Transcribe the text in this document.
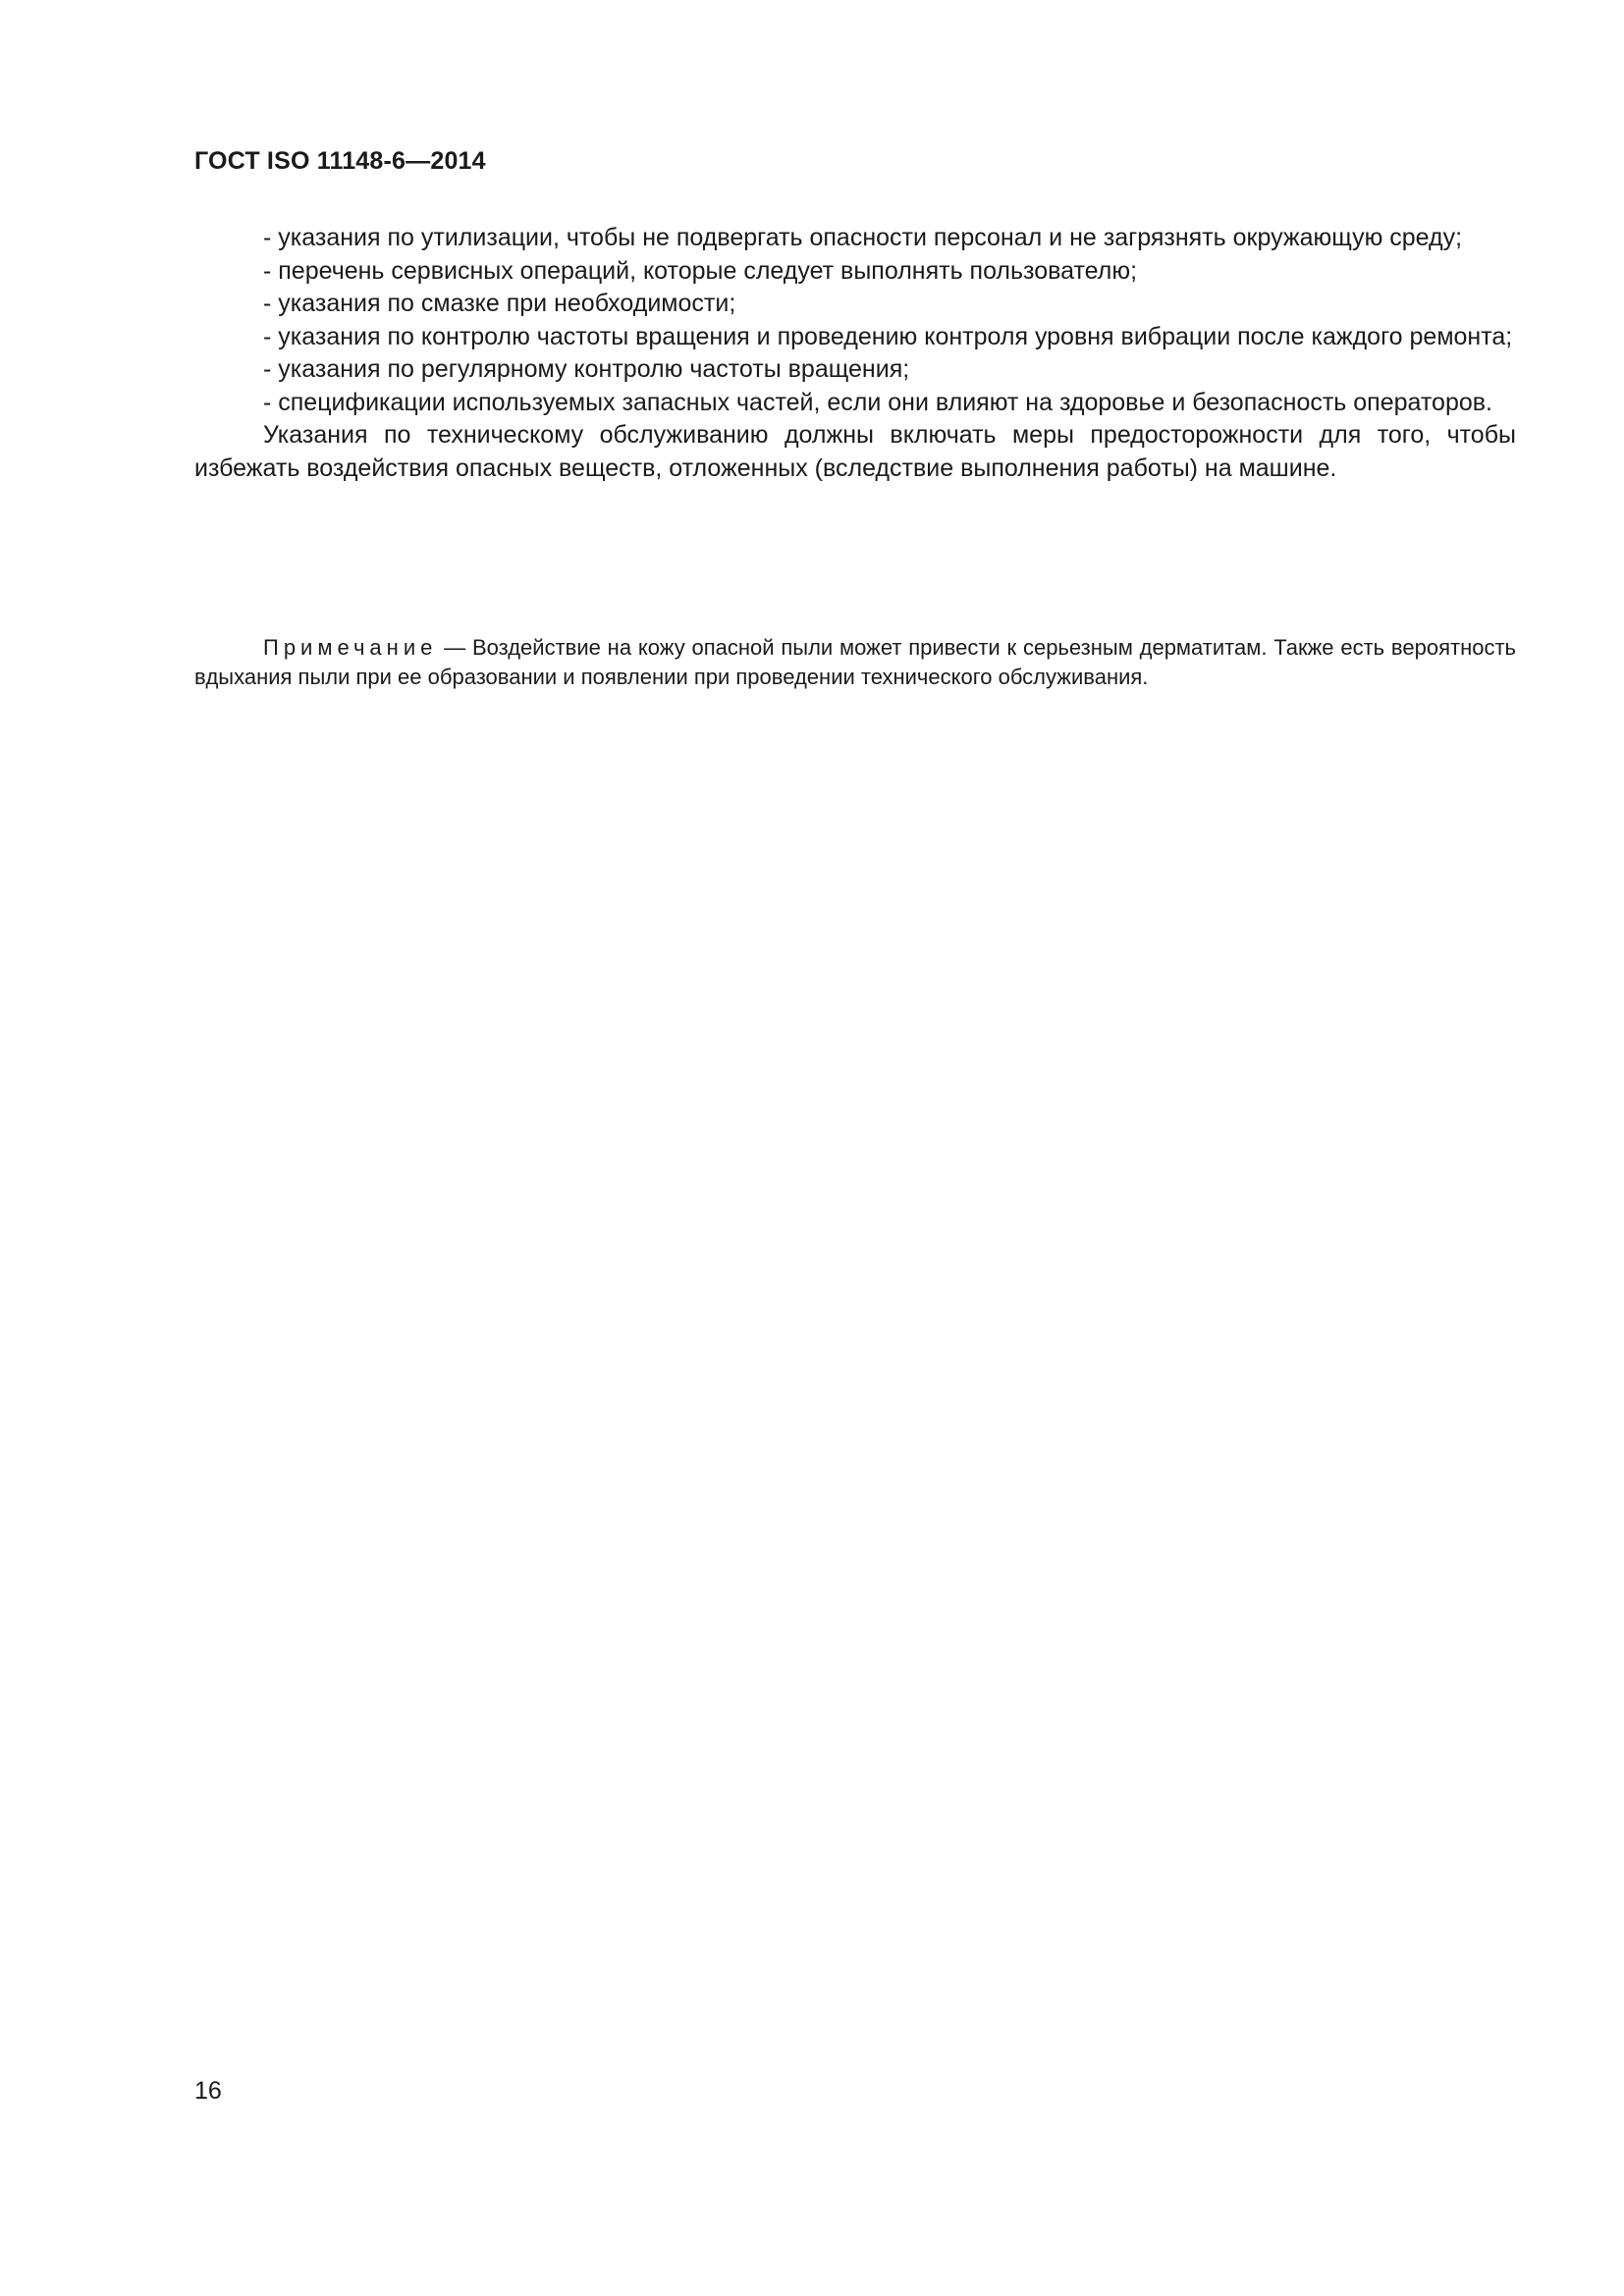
ГОСТ ISO 11148-6—2014
- указания по утилизации, чтобы не подвергать опасности персонал и не загрязнять окружающую среду;
- перечень сервисных операций, которые следует выполнять пользователю;
- указания по смазке при необходимости;
- указания по контролю частоты вращения и проведению контроля уровня вибрации после каждого ремонта;
- указания по регулярному контролю частоты вращения;
- спецификации используемых запасных частей, если они влияют на здоровье и безопасность операторов.

Указания по техническому обслуживанию должны включать меры предосторожности для того, чтобы избежать воздействия опасных веществ, отложенных (вследствие выполнения работы) на машине.

Примечание — Воздействие на кожу опасной пыли может привести к серьезным дерматитам. Также есть вероятность вдыхания пыли при ее образовании и появлении при проведении технического обслуживания.

16
